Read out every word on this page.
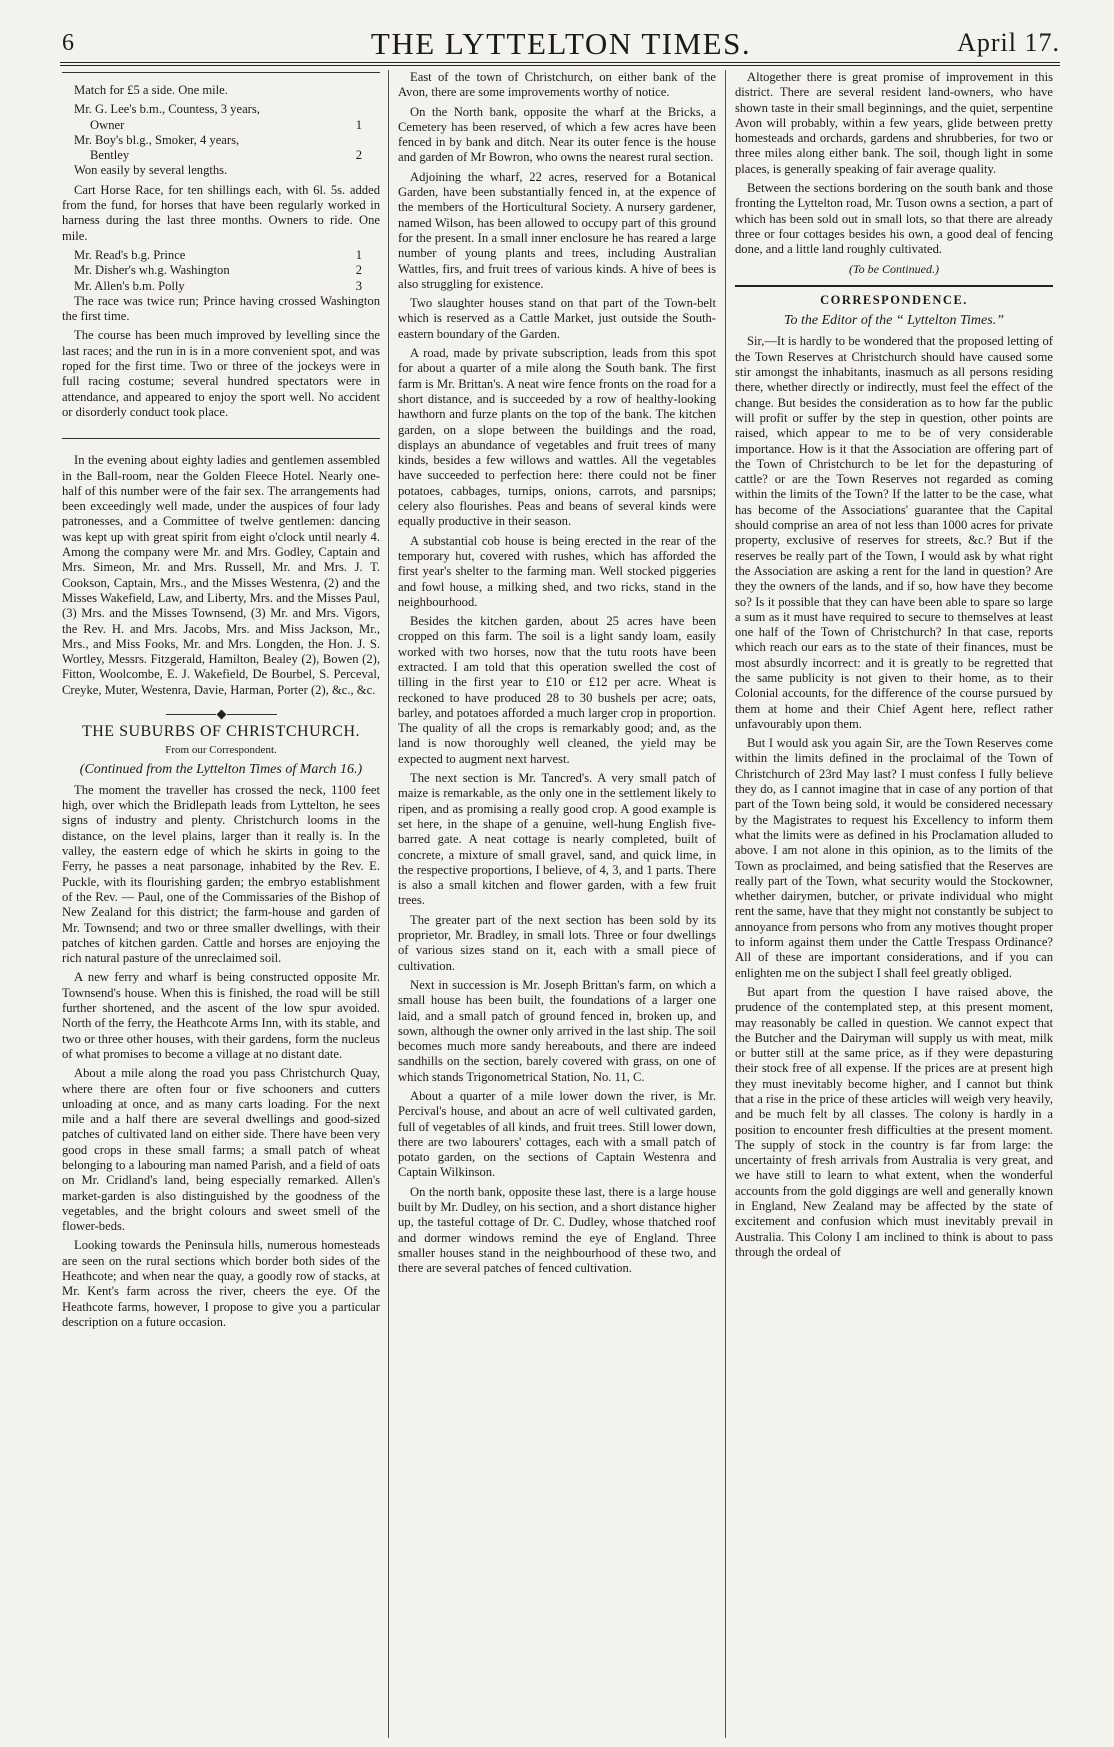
6	THE LYTTELTON TIMES.	April 17.

Match for £5 a side. One mile.

Mr. G. Lee's b.m., Countess, 3 years,
Owner	1
Mr. Boy's bl.g., Smoker, 4 years,
Bentley	2

Won easily by several lengths.

Cart Horse Race, for ten shillings each, with 6l. 5s. added from the fund, for horses that have been regularly worked in harness during the last three months. Owners to ride. One mile.

Mr. Read's b.g. Prince	1
Mr. Disher's wh.g. Washington	2
Mr. Allen's b.m. Polly	3

The race was twice run; Prince having crossed Washington the first time.

The course has been much improved by levelling since the last races; and the run in is in a more convenient spot, and was roped for the first time. Two or three of the jockeys were in full racing costume; several hundred spectators were in attendance, and appeared to enjoy the sport well. No accident or disorderly conduct took place.

In the evening about eighty ladies and gentlemen assembled in the Ball-room, near the Golden Fleece Hotel. Nearly one-half of this number were of the fair sex. The arrangements had been exceedingly well made, under the auspices of four lady patronesses, and a Committee of twelve gentlemen: dancing was kept up with great spirit from eight o'clock until nearly 4. Among the company were Mr. and Mrs. Godley, Captain and Mrs. Simeon, Mr. and Mrs. Russell, Mr. and Mrs. J. T. Cookson, Captain, Mrs., and the Misses Westenra, (2) and the Misses Wakefield, Law, and Liberty, Mrs. and the Misses Paul, (3) Mrs. and the Misses Townsend, (3) Mr. and Mrs. Vigors, the Rev. H. and Mrs. Jacobs, Mrs. and Miss Jackson, Mr., Mrs., and Miss Fooks, Mr. and Mrs. Longden, the Hon. J. S. Wortley, Messrs. Fitzgerald, Hamilton, Bealey (2), Bowen (2), Fitton, Woolcombe, E. J. Wakefield, De Bourbel, S. Perceval, Creyke, Muter, Westenra, Davie, Harman, Porter (2), &c., &c.

THE SUBURBS OF CHRISTCHURCH.
From our Correspondent.
(Continued from the Lyttelton Times of March 16.)

The moment the traveller has crossed the neck, 1100 feet high, over which the Bridlepath leads from Lyttelton, he sees signs of industry and plenty. Christchurch looms in the distance, on the level plains, larger than it really is. In the valley, the eastern edge of which he skirts in going to the Ferry, he passes a neat parsonage, inhabited by the Rev. E. Puckle, with its flourishing garden; the embryo establishment of the Rev. — Paul, one of the Commissaries of the Bishop of New Zealand for this district; the farm-house and garden of Mr. Townsend; and two or three smaller dwellings, with their patches of kitchen garden. Cattle and horses are enjoying the rich natural pasture of the unreclaimed soil.

A new ferry and wharf is being constructed opposite Mr. Townsend's house. When this is finished, the road will be still further shortened, and the ascent of the low spur avoided. North of the ferry, the Heathcote Arms Inn, with its stable, and two or three other houses, with their gardens, form the nucleus of what promises to become a village at no distant date.

About a mile along the road you pass Christchurch Quay, where there are often four or five schooners and cutters unloading at once, and as many carts loading. For the next mile and a half there are several dwellings and good-sized patches of cultivated land on either side. There have been very good crops in these small farms; a small patch of wheat belonging to a labouring man named Parish, and a field of oats on Mr. Cridland's land, being especially remarked. Allen's market-garden is also distinguished by the goodness of the vegetables, and the bright colours and sweet smell of the flower-beds.

Looking towards the Peninsula hills, numerous homesteads are seen on the rural sections which border both sides of the Heathcote; and when near the quay, a goodly row of stacks, at Mr. Kent's farm across the river, cheers the eye. Of the Heathcote farms, however, I propose to give you a particular description on a future occasion.

East of the town of Christchurch, on either bank of the Avon, there are some improvements worthy of notice.

On the North bank, opposite the wharf at the Bricks, a Cemetery has been reserved, of which a few acres have been fenced in by bank and ditch. Near its outer fence is the house and garden of Mr Bowron, who owns the nearest rural section.

Adjoining the wharf, 22 acres, reserved for a Botanical Garden, have been substantially fenced in, at the expence of the members of the Horticultural Society. A nursery gardener, named Wilson, has been allowed to occupy part of this ground for the present. In a small inner enclosure he has reared a large number of young plants and trees, including Australian Wattles, firs, and fruit trees of various kinds. A hive of bees is also struggling for existence.

Two slaughter houses stand on that part of the Town-belt which is reserved as a Cattle Market, just outside the South-eastern boundary of the Garden.

A road, made by private subscription, leads from this spot for about a quarter of a mile along the South bank. The first farm is Mr. Brittan's. A neat wire fence fronts on the road for a short distance, and is succeeded by a row of healthy-looking hawthorn and furze plants on the top of the bank. The kitchen garden, on a slope between the buildings and the road, displays an abundance of vegetables and fruit trees of many kinds, besides a few willows and wattles. All the vegetables have succeeded to perfection here: there could not be finer potatoes, cabbages, turnips, onions, carrots, and parsnips; celery also flourishes. Peas and beans of several kinds were equally productive in their season.

A substantial cob house is being erected in the rear of the temporary hut, covered with rushes, which has afforded the first year's shelter to the farming man. Well stocked piggeries and fowl house, a milking shed, and two ricks, stand in the neighbourhood.

Besides the kitchen garden, about 25 acres have been cropped on this farm. The soil is a light sandy loam, easily worked with two horses, now that the tutu roots have been extracted. I am told that this operation swelled the cost of tilling in the first year to £10 or £12 per acre. Wheat is reckoned to have produced 28 to 30 bushels per acre; oats, barley, and potatoes afforded a much larger crop in proportion. The quality of all the crops is remarkably good; and, as the land is now thoroughly well cleaned, the yield may be expected to augment next harvest.

The next section is Mr. Tancred's. A very small patch of maize is remarkable, as the only one in the settlement likely to ripen, and as promising a really good crop. A good example is set here, in the shape of a genuine, well-hung English five-barred gate. A neat cottage is nearly completed, built of concrete, a mixture of small gravel, sand, and quick lime, in the respective proportions, I believe, of 4, 3, and 1 parts. There is also a small kitchen and flower garden, with a few fruit trees.

The greater part of the next section has been sold by its proprietor, Mr. Bradley, in small lots. Three or four dwellings of various sizes stand on it, each with a small piece of cultivation.

Next in succession is Mr. Joseph Brittan's farm, on which a small house has been built, the foundations of a larger one laid, and a small patch of ground fenced in, broken up, and sown, although the owner only arrived in the last ship. The soil becomes much more sandy hereabouts, and there are indeed sandhills on the section, barely covered with grass, on one of which stands Trigonometrical Station, No. 11, C.

About a quarter of a mile lower down the river, is Mr. Percival's house, and about an acre of well cultivated garden, full of vegetables of all kinds, and fruit trees. Still lower down, there are two labourers' cottages, each with a small patch of potato garden, on the sections of Captain Westenra and Captain Wilkinson.

On the north bank, opposite these last, there is a large house built by Mr. Dudley, on his section, and a short distance higher up, the tasteful cottage of Dr. C. Dudley, whose thatched roof and dormer windows remind the eye of England. Three smaller houses stand in the neighbourhood of these two, and there are several patches of fenced cultivation.

Altogether there is great promise of improvement in this district. There are several resident land-owners, who have shown taste in their small beginnings, and the quiet, serpentine Avon will probably, within a few years, glide between pretty homesteads and orchards, gardens and shrubberies, for two or three miles along either bank. The soil, though light in some places, is generally speaking of fair average quality.

Between the sections bordering on the south bank and those fronting the Lyttelton road, Mr. Tuson owns a section, a part of which has been sold out in small lots, so that there are already three or four cottages besides his own, a good deal of fencing done, and a little land roughly cultivated.

(To be Continued.)
CORRESPONDENCE.
To the Editor of the “ Lyttelton Times.”

Sir,—It is hardly to be wondered that the proposed letting of the Town Reserves at Christchurch should have caused some stir amongst the inhabitants, inasmuch as all persons residing there, whether directly or indirectly, must feel the effect of the change. But besides the consideration as to how far the public will profit or suffer by the step in question, other points are raised, which appear to me to be of very considerable importance. How is it that the Association are offering part of the Town of Christchurch to be let for the depasturing of cattle? or are the Town Reserves not regarded as coming within the limits of the Town? If the latter to be the case, what has become of the Associations' guarantee that the Capital should comprise an area of not less than 1000 acres for private property, exclusive of reserves for streets, &c.? But if the reserves be really part of the Town, I would ask by what right the Association are asking a rent for the land in question? Are they the owners of the lands, and if so, how have they become so? Is it possible that they can have been able to spare so large a sum as it must have required to secure to themselves at least one half of the Town of Christchurch? In that case, reports which reach our ears as to the state of their finances, must be most absurdly incorrect: and it is greatly to be regretted that the same publicity is not given to their home, as to their Colonial accounts, for the difference of the course pursued by them at home and their Chief Agent here, reflect rather unfavourably upon them.

But I would ask you again Sir, are the Town Reserves come within the limits defined in the proclaimal of the Town of Christchurch of 23rd May last? I must confess I fully believe they do, as I cannot imagine that in case of any portion of that part of the Town being sold, it would be considered necessary by the Magistrates to request his Excellency to inform them what the limits were as defined in his Proclamation alluded to above. I am not alone in this opinion, as to the limits of the Town as proclaimed, and being satisfied that the Reserves are really part of the Town, what security would the Stockowner, whether dairymen, butcher, or private individual who might rent the same, have that they might not constantly be subject to annoyance from persons who from any motives thought proper to inform against them under the Cattle Trespass Ordinance? All of these are important considerations, and if you can enlighten me on the subject I shall feel greatly obliged.

But apart from the question I have raised above, the prudence of the contemplated step, at this present moment, may reasonably be called in question. We cannot expect that the Butcher and the Dairyman will supply us with meat, milk or butter still at the same price, as if they were depasturing their stock free of all expense. If the prices are at present high they must inevitably become higher, and I cannot but think that a rise in the price of these articles will weigh very heavily, and be much felt by all classes. The colony is hardly in a position to encounter fresh difficulties at the present moment. The supply of stock in the country is far from large: the uncertainty of fresh arrivals from Australia is very great, and we have still to learn to what extent, when the wonderful accounts from the gold diggings are well and generally known in England, New Zealand may be affected by the state of excitement and confusion which must inevitably prevail in Australia. This Colony I am inclined to think is about to pass through the ordeal of
